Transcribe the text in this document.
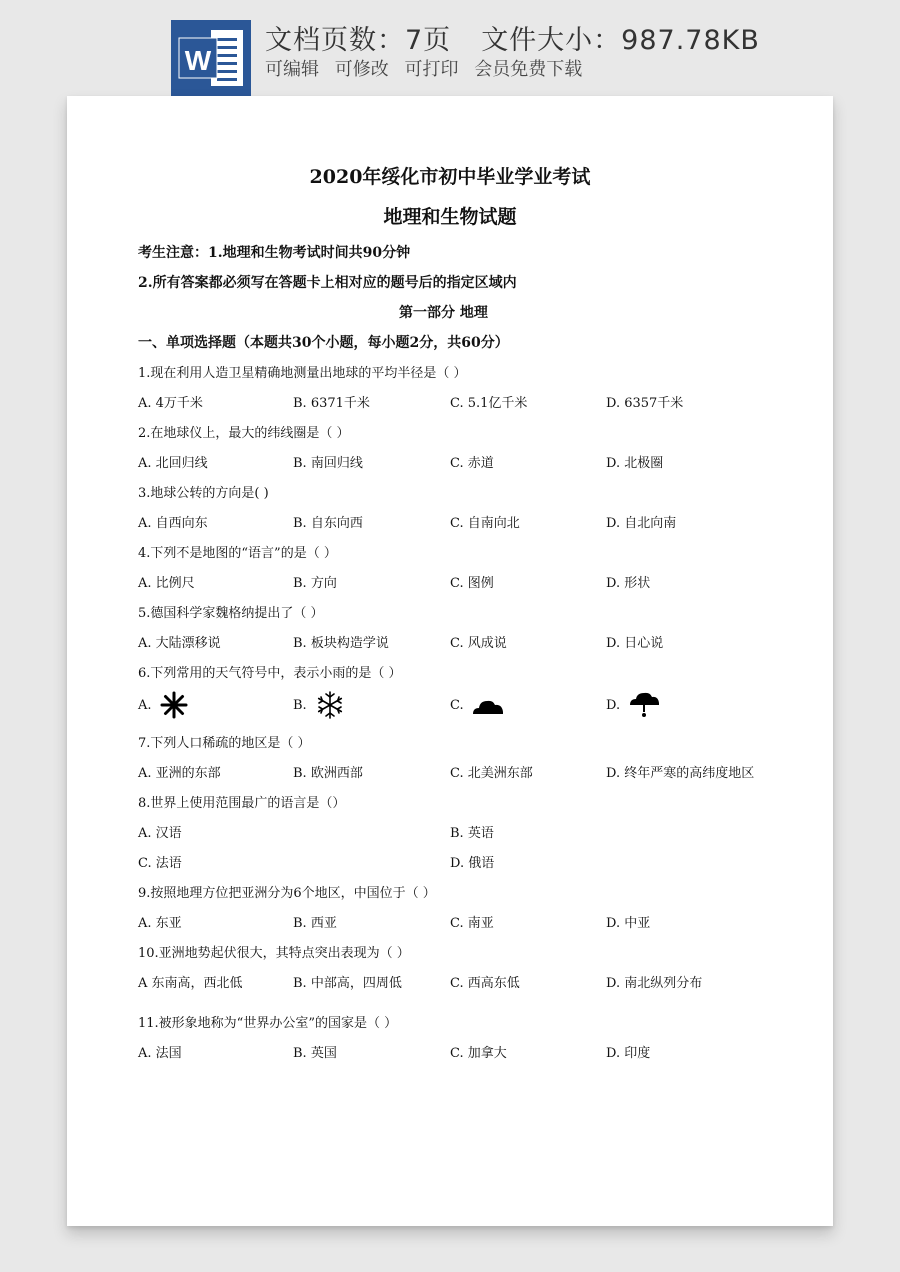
W
文档页数：7页 文件大小：987.78KB
可编辑 可修改 可打印 会员免费下载
2020年绥化市初中毕业学业考试
地理和生物试题
考生注意：1.地理和生物考试时间共90分钟
2.所有答案都必须写在答题卡上相对应的题号后的指定区域内
第一部分 地理
一、单项选择题（本题共30个小题，每小题2分，共60分）
1.现在利用人造卫星精确地测量出地球的平均半径是（ ）
A. 4万千米	B. 6371千米	C. 5.1亿千米	D. 6357千米
2.在地球仪上，最大的纬线圈是（ ）
A. 北回归线	B. 南回归线	C. 赤道	D. 北极圈
3.地球公转的方向是( )
A. 自西向东	B. 自东向西	C. 自南向北	D. 自北向南
4.下列不是地图的“语言”的是（ ）
A. 比例尺	B. 方向	C. 图例	D. 形状
5.德国科学家魏格纳提出了（ ）
A. 大陆漂移说	B. 板块构造学说	C. 风成说	D. 日心说
6.下列常用的天气符号中，表示小雨的是（ ）
A.	B.	C.	D.
7.下列人口稀疏的地区是（ ）
A. 亚洲的东部	B. 欧洲西部	C. 北美洲东部	D. 终年严寒的高纬度地区
8.世界上使用范围最广的语言是（）
A. 汉语	B. 英语
C. 法语	D. 俄语
9.按照地理方位把亚洲分为6个地区，中国位于（ ）
A. 东亚	B. 西亚	C. 南亚	D. 中亚
10.亚洲地势起伏很大，其特点突出表现为（ ）
A 东南高，西北低	B. 中部高，四周低	C. 西高东低	D. 南北纵列分布
11.被形象地称为“世界办公室”的国家是（ ）
A. 法国	B. 英国	C. 加拿大	D. 印度
